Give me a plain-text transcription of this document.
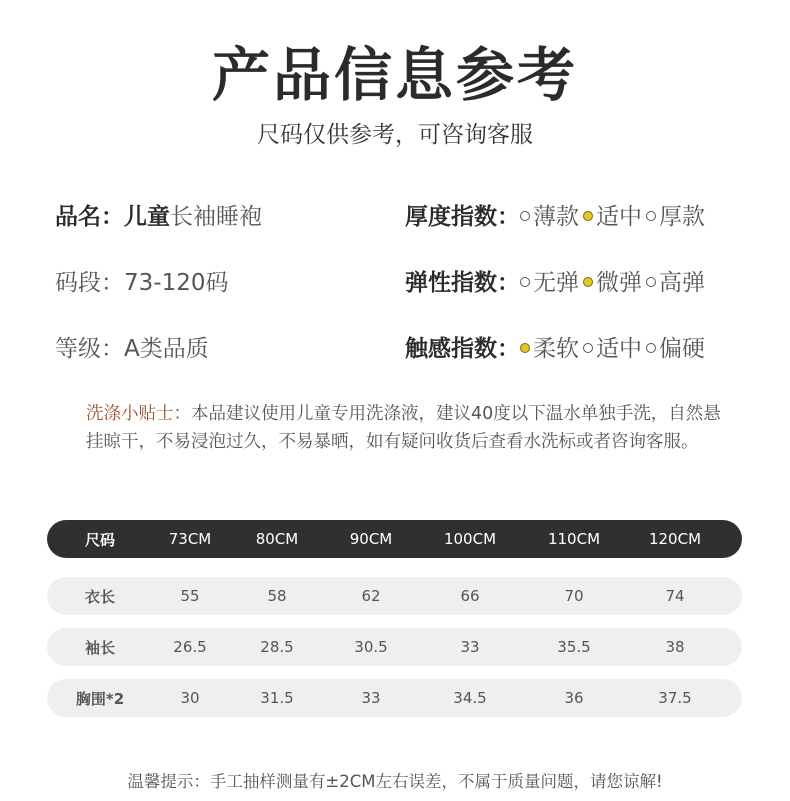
产品信息参考
尺码仅供参考，可咨询客服
品名：儿童长袖睡袍
码段：73-120码
等级：A类品质
厚度指数： 薄款 适中 厚款
弹性指数： 无弹 微弹 高弹
触感指数： 柔软 适中 偏硬
洗涤小贴士：本品建议使用儿童专用洗涤液，建议40度以下温水单独手洗，自然悬挂晾干，不易浸泡过久，不易暴晒，如有疑问收货后查看水洗标或者咨询客服。
尺码	73CM	80CM	90CM	100CM	110CM	120CM
衣长	55	58	62	66	70	74
袖长	26.5	28.5	30.5	33	35.5	38
胸围*2	30	31.5	33	34.5	36	37.5
温馨提示：手工抽样测量有±2CM左右误差，不属于质量问题，请您谅解!
